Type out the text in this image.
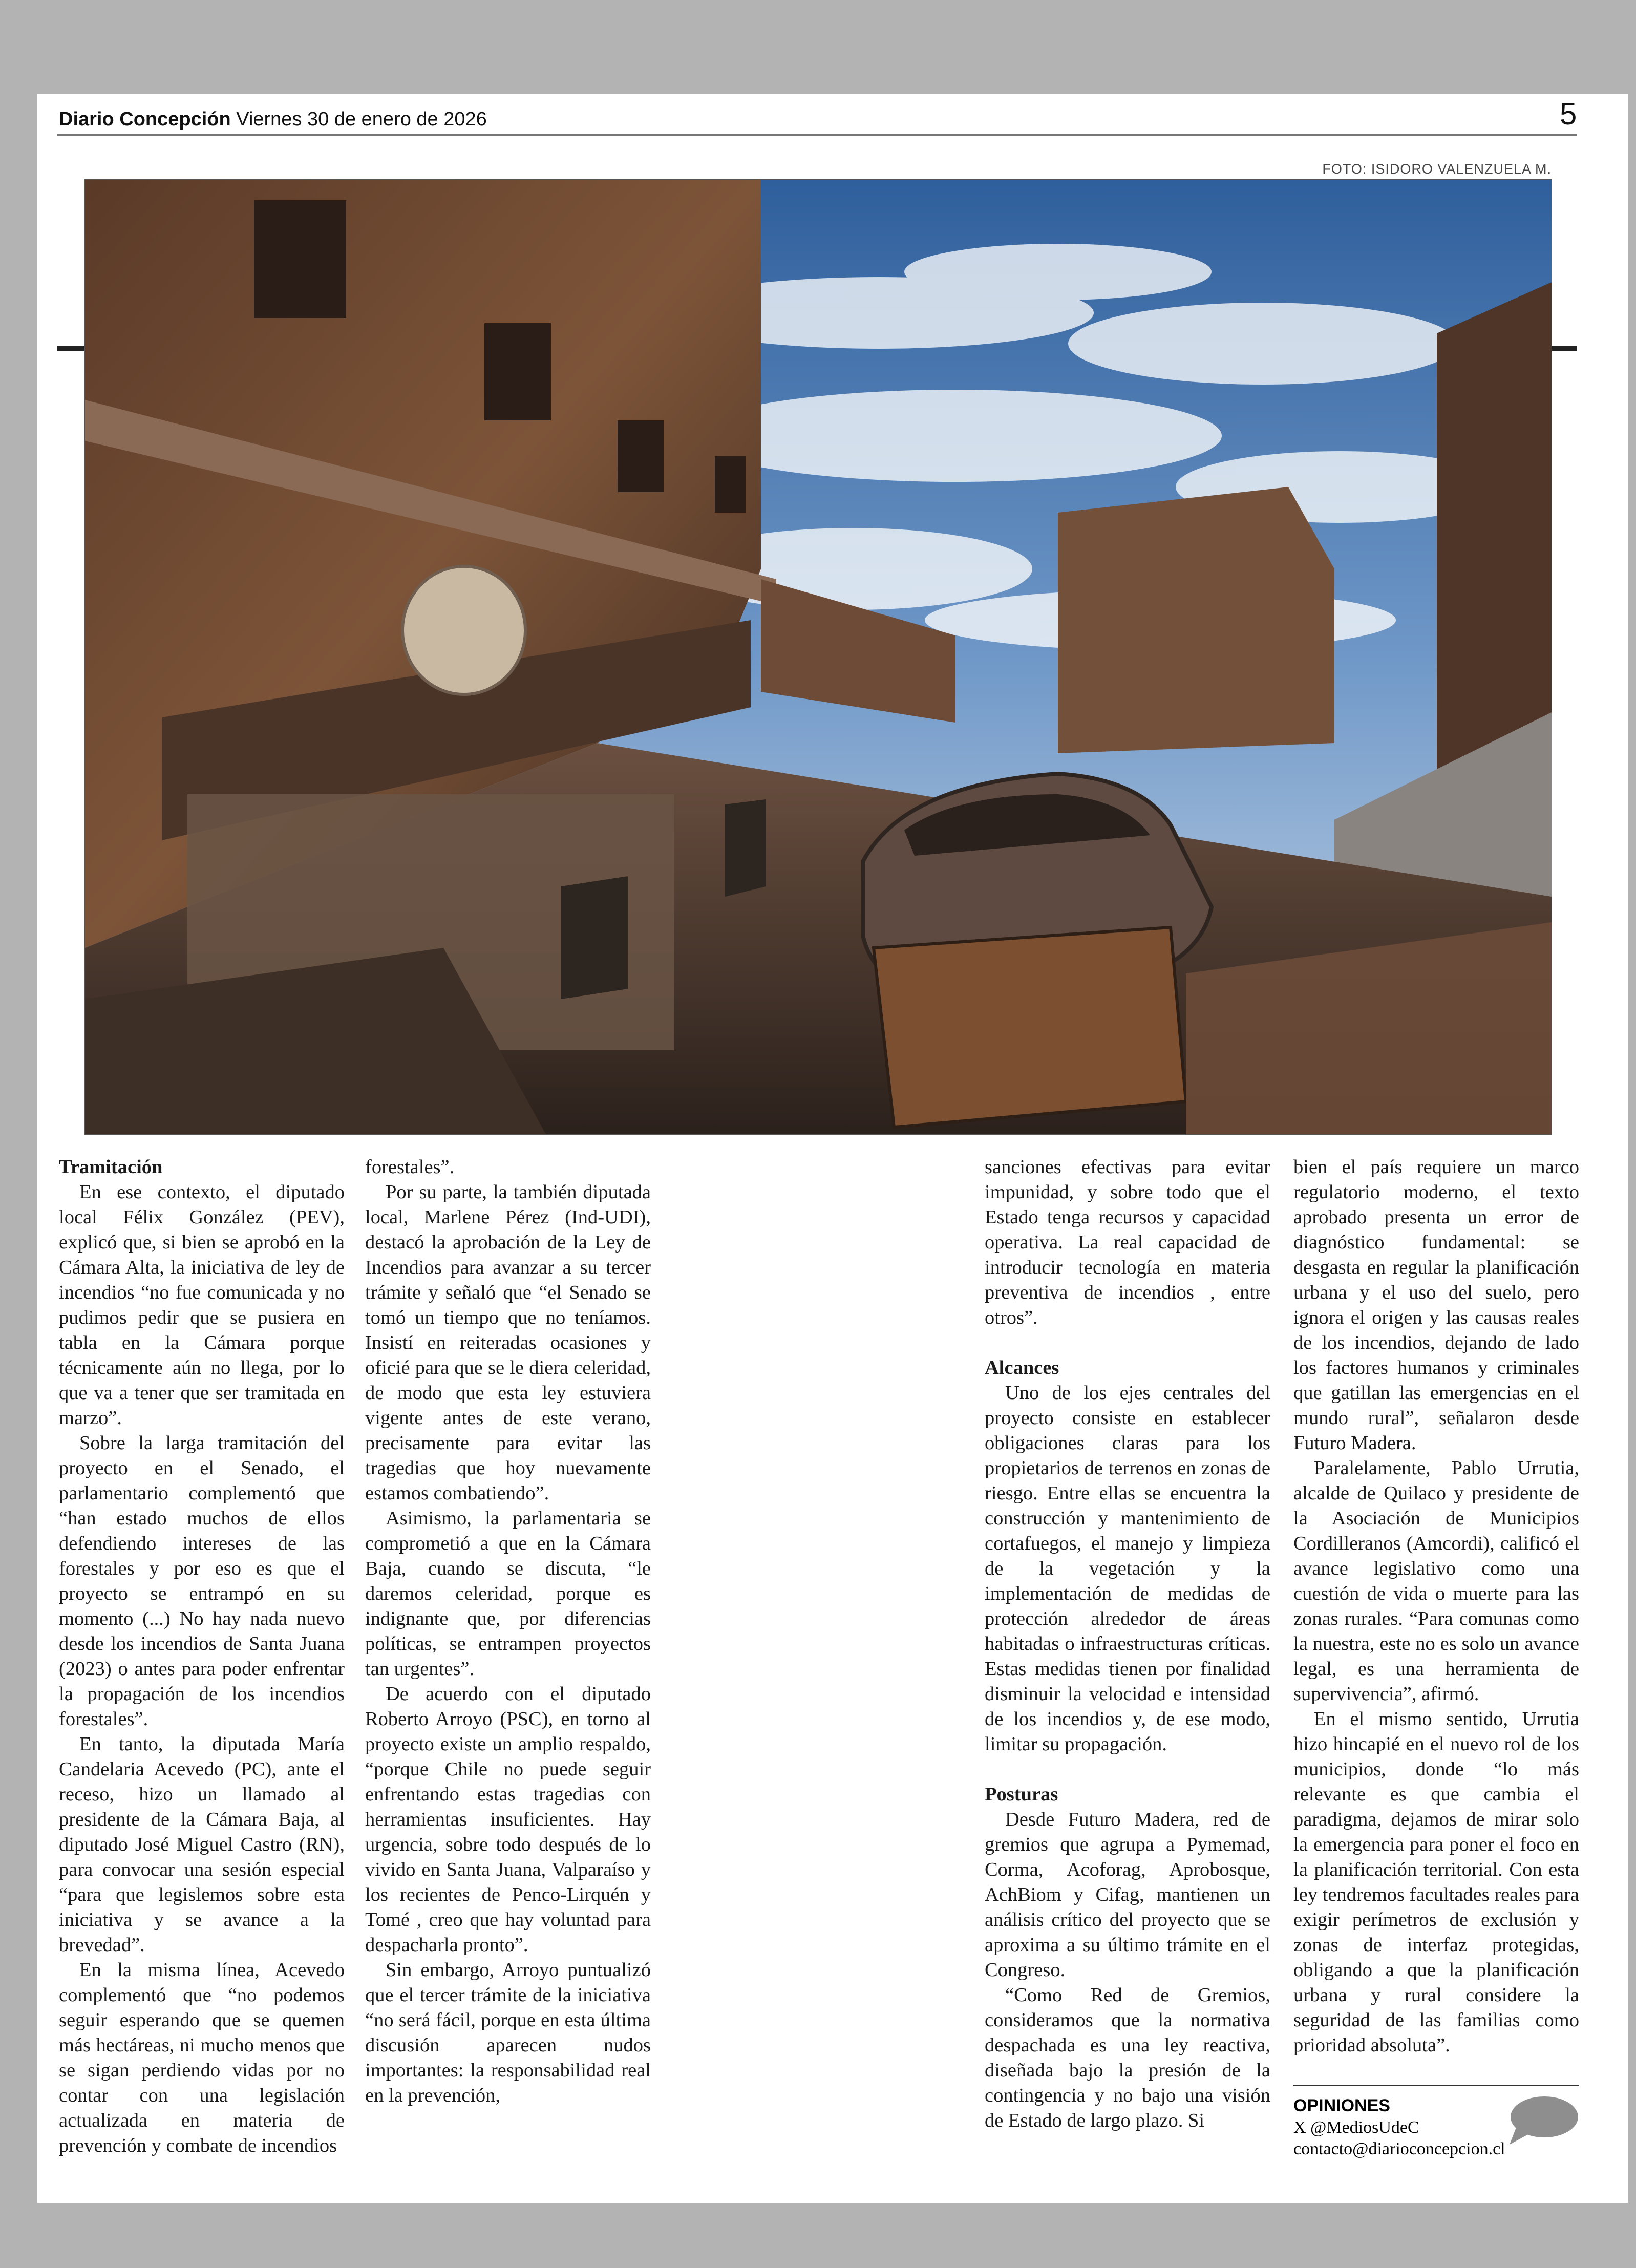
Diario Concepción Viernes 30 de enero de 2026	5
FOTO: ISIDORO VALENZUELA M.
Tramitación

En ese contexto, el diputado local Félix González (PEV), explicó que, si bien se aprobó en la Cámara Alta, la iniciativa de ley de incendios “no fue comunicada y no pudimos pedir que se pusiera en tabla en la Cámara porque técnicamente aún no llega, por lo que va a tener que ser tramitada en marzo”.

Sobre la larga tramitación del proyecto en el Senado, el parlamentario complementó que “han estado muchos de ellos defendiendo intereses de las forestales y por eso es que el proyecto se entrampó en su momento (...) No hay nada nuevo desde los incendios de Santa Juana (2023) o antes para poder enfrentar la propagación de los incendios forestales”.

En tanto, la diputada María Candelaria Acevedo (PC), ante el receso, hizo un llamado al presidente de la Cámara Baja, al diputado José Miguel Castro (RN), para convocar una sesión especial “para que legislemos sobre esta iniciativa y se avance a la brevedad”.

En la misma línea, Acevedo complementó que “no podemos seguir esperando que se quemen más hectáreas, ni mucho menos que se sigan perdiendo vidas por no contar con una legislación actualizada en materia de prevención y combate de incendios

forestales”.

Por su parte, la también diputada local, Marlene Pérez (Ind-UDI), destacó la aprobación de la Ley de Incendios para avanzar a su tercer trámite y señaló que “el Senado se tomó un tiempo que no teníamos. Insistí en reiteradas ocasiones y oficié para que se le diera celeridad, de modo que esta ley estuviera vigente antes de este verano, precisamente para evitar las tragedias que hoy nuevamente estamos combatiendo”.

Asimismo, la parlamentaria se comprometió a que en la Cámara Baja, cuando se discuta, “le daremos celeridad, porque es indignante que, por diferencias políticas, se entrampen proyectos tan urgentes”.

De acuerdo con el diputado Roberto Arroyo (PSC), en torno al proyecto existe un amplio respaldo, “porque Chile no puede seguir enfrentando estas tragedias con herramientas insuficientes. Hay urgencia, sobre todo después de lo vivido en Santa Juana, Valparaíso y los recientes de Penco-Lirquén y Tomé , creo que hay voluntad para despacharla pronto”.

Sin embargo, Arroyo puntualizó que el tercer trámite de la iniciativa “no será fácil, porque en esta última discusión aparecen nudos importantes: la responsabilidad real en la prevención,

sanciones efectivas para evitar impunidad, y sobre todo que el Estado tenga recursos y capacidad operativa. La real capacidad de introducir tecnología en materia preventiva de incendios , entre otros”.

Alcances

Uno de los ejes centrales del proyecto consiste en establecer obligaciones claras para los propietarios de terrenos en zonas de riesgo. Entre ellas se encuentra la construcción y mantenimiento de cortafuegos, el manejo y limpieza de la vegetación y la implementación de medidas de protección alrededor de áreas habitadas o infraestructuras críticas. Estas medidas tienen por finalidad disminuir la velocidad e intensidad de los incendios y, de ese modo, limitar su propagación.

Posturas

Desde Futuro Madera, red de gremios que agrupa a Pymemad, Corma, Acoforag, Aprobosque, AchBiom y Cifag, mantienen un análisis crítico del proyecto que se aproxima a su último trámite en el Congreso.

“Como Red de Gremios, consideramos que la normativa despachada es una ley reactiva, diseñada bajo la presión de la contingencia y no bajo una visión de Estado de largo plazo. Si

bien el país requiere un marco regulatorio moderno, el texto aprobado presenta un error de diagnóstico fundamental: se desgasta en regular la planificación urbana y el uso del suelo, pero ignora el origen y las causas reales de los incendios, dejando de lado los factores humanos y criminales que gatillan las emergencias en el mundo rural”, señalaron desde Futuro Madera.

Paralelamente, Pablo Urrutia, alcalde de Quilaco y presidente de la Asociación de Municipios Cordilleranos (Amcordi), calificó el avance legislativo como una cuestión de vida o muerte para las zonas rurales. “Para comunas como la nuestra, este no es solo un avance legal, es una herramienta de supervivencia”, afirmó.

En el mismo sentido, Urrutia hizo hincapié en el nuevo rol de los municipios, donde “lo más relevante es que cambia el paradigma, dejamos de mirar solo la emergencia para poner el foco en la planificación territorial. Con esta ley tendremos facultades reales para exigir perímetros de exclusión y zonas de interfaz protegidas, obligando a que la planificación urbana y rural considere la seguridad de las familias como prioridad absoluta”.

OPINIONES
X @MediosUdeC
contacto@diarioconcepcion.cl
